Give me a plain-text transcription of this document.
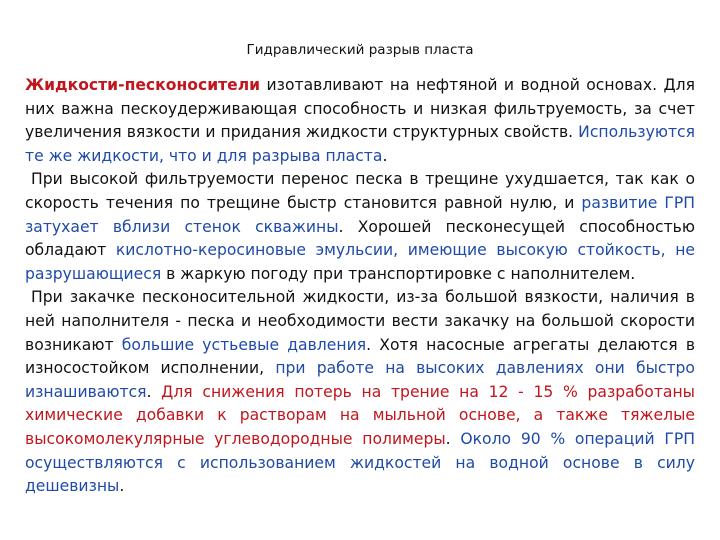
Гидравлический разрыв пласта

Жидкости-песконосители изотавливают на нефтяной и водной основах. Для них важна пескоудерживающая способность и низкая фильтруемость, за счет увеличения вязкости и придания жидкости структурных свойств. Используются те же жидкости, что и для разрыва пласта.

При высокой фильтруемости перенос песка в трещине ухудшается, так как о скорость течения по трещине быстр становится равной нулю, и развитие ГРП затухает вблизи стенок скважины. Хорошей песконесущей способностью обладают кислотно-керосиновые эмульсии, имеющие высокую стойкость, не разрушающиеся в жаркую погоду при транспортировке с наполнителем.

При закачке песконосительной жидкости, из-за большой вязкости, наличия в ней наполнителя - песка и необходимости вести закачку на большой скорости возникают большие устьевые давления. Хотя насосные агрегаты делаются в износостойком исполнении, при работе на высоких давлениях они быстро изнашиваются. Для снижения потерь на трение на 12 - 15 % разработаны химические добавки к растворам на мыльной основе, а также тяжелые высокомолекулярные углеводородные полимеры. Около 90 % операций ГРП осуществляются с использованием жидкостей на водной основе в силу дешевизны.
